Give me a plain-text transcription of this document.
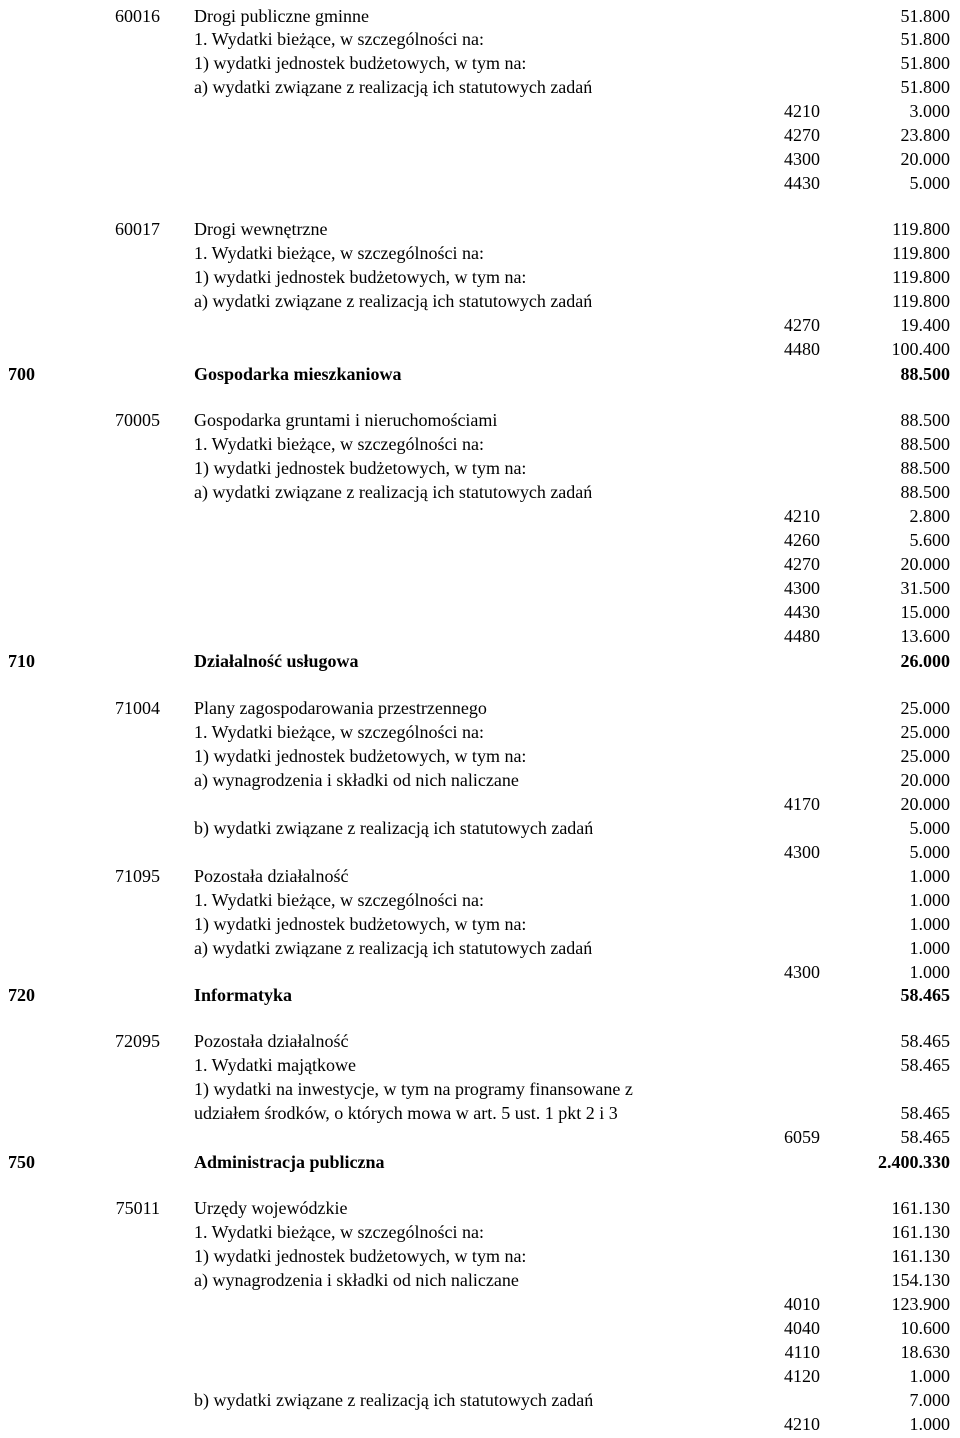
60016 Drogi publiczne gminne	51.800
1. Wydatki bieżące, w szczególności na:	51.800
1) wydatki jednostek budżetowych, w tym na:	51.800
a) wydatki związane z realizacją ich statutowych zadań	51.800
4210	3.000
4270	23.800
4300	20.000
4430	5.000
60017 Drogi wewnętrzne	119.800
1. Wydatki bieżące, w szczególności na:	119.800
1) wydatki jednostek budżetowych, w tym na:	119.800
a) wydatki związane z realizacją ich statutowych zadań	119.800
4270	19.400
4480	100.400
700	Gospodarka mieszkaniowa	88.500
70005 Gospodarka gruntami i nieruchomościami	88.500
1. Wydatki bieżące, w szczególności na:	88.500
1) wydatki jednostek budżetowych, w tym na:	88.500
a) wydatki związane z realizacją ich statutowych zadań	88.500
4210	2.800
4260	5.600
4270	20.000
4300	31.500
4430	15.000
4480	13.600
710	Działalność usługowa	26.000
71004 Plany zagospodarowania przestrzennego	25.000
1. Wydatki bieżące, w szczególności na:	25.000
1) wydatki jednostek budżetowych, w tym na:	25.000
a) wynagrodzenia i składki od nich naliczane	20.000
4170	20.000
b) wydatki związane z realizacją ich statutowych zadań	5.000
4300	5.000
71095 Pozostała działalność	1.000
1. Wydatki bieżące, w szczególności na:	1.000
1) wydatki jednostek budżetowych, w tym na:	1.000
a) wydatki związane z realizacją ich statutowych zadań	1.000
4300	1.000
720	Informatyka	58.465
72095 Pozostała działalność	58.465
1. Wydatki majątkowe	58.465
1) wydatki na inwestycje, w tym na programy finansowane z
udziałem środków, o których mowa w art. 5 ust. 1 pkt 2 i 3	58.465
6059	58.465
750	Administracja publiczna	2.400.330
75011 Urzędy wojewódzkie	161.130
1. Wydatki bieżące, w szczególności na:	161.130
1) wydatki jednostek budżetowych, w tym na:	161.130
a) wynagrodzenia i składki od nich naliczane	154.130
4010	123.900
4040	10.600
4110	18.630
4120	1.000
b) wydatki związane z realizacją ich statutowych zadań	7.000
4210	1.000
